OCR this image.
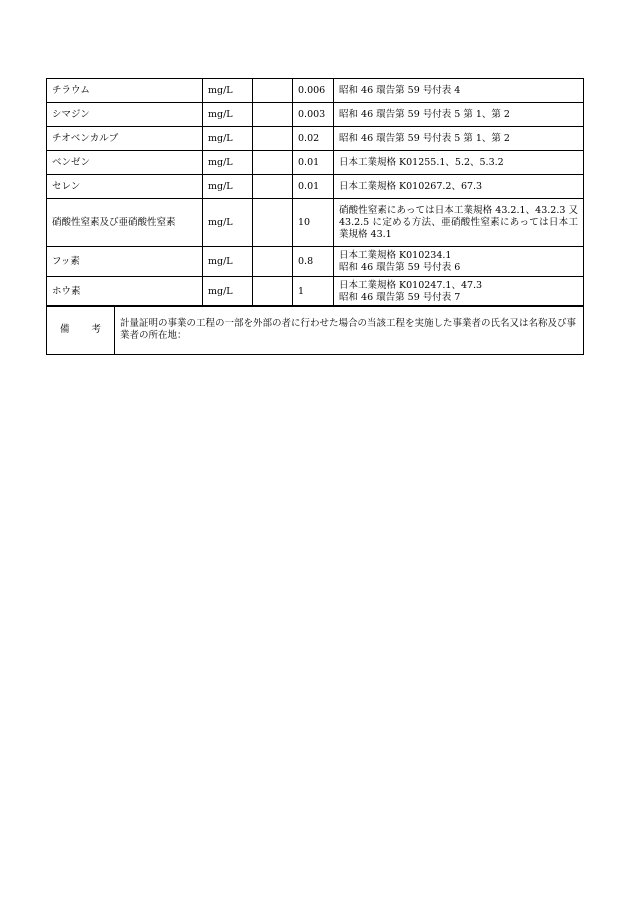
チラウム	mg/L		0.006	昭和 46 環告第 59 号付表 4
シマジン	mg/L		0.003	昭和 46 環告第 59 号付表 5 第 1、第 2
チオベンカルブ	mg/L		0.02	昭和 46 環告第 59 号付表 5 第 1、第 2
ベンゼン	mg/L		0.01	日本工業規格 K01255.1、5.2、5.3.2
セレン	mg/L		0.01	日本工業規格 K010267.2、67.3
硝酸性窒素及び亜硝酸性窒素	mg/L		10	硝酸性窒素にあっては日本工業規格 43.2.1、43.2.3 又 43.2.5 に定める方法、亜硝酸性窒素にあっては日本工業規格 43.1
フッ素	mg/L		0.8	日本工業規格 K010234.1
昭和 46 環告第 59 号付表 6

ホウ素	mg/L		1	日本工業規格 K010247.1、47.3
昭和 46 環告第 59 号付表 7
備 考	計量証明の事業の工程の一部を外部の者に行わせた場合の当該工程を実施した事業者の氏名又は名称及び事業者の所在地：
